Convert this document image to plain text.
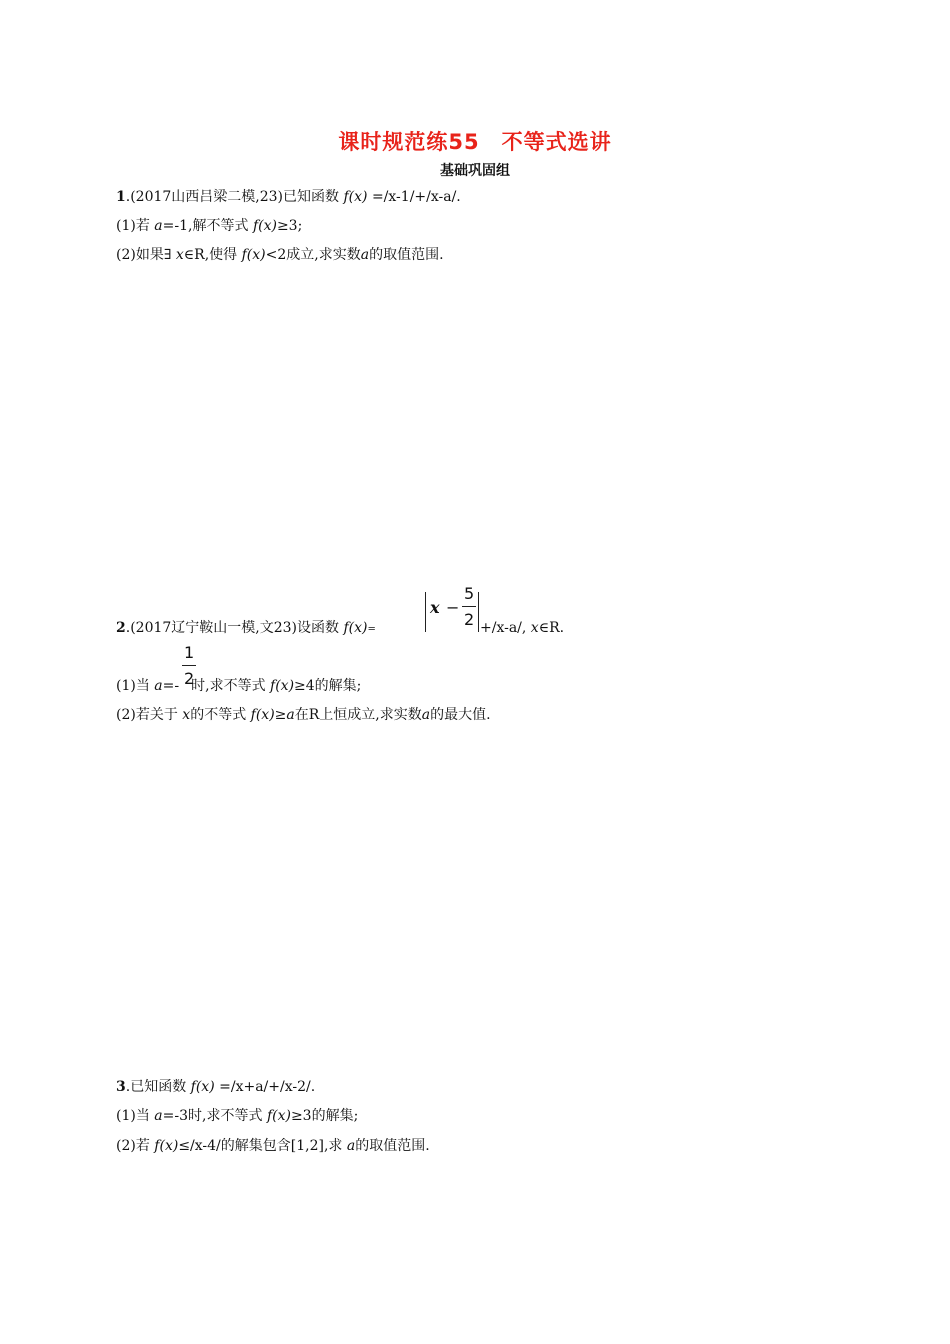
课时规范练55　不等式选讲
基础巩固组
1.(2017山西吕梁二模,23)已知函数 f(x) =/x-1/+/x-a/.
(1)若 a=-1,解不等式 f(x)≥3;
(2)如果∃ x∈R,使得 f(x)<2成立,求实数a的取值范围.
2.(2017辽宁鞍山一模,文23)设函数 f(x)=
x −
5
2 +/x-a/, x∈R.
1
2
(1)当 a=- 时,求不等式 f(x)≥4的解集;
(2)若关于 x的不等式 f(x)≥a在R上恒成立,求实数a的最大值.
3.已知函数 f(x) =/x+a/+/x-2/.
(1)当 a=-3时,求不等式 f(x)≥3的解集;
(2)若 f(x)≤/x-4/的解集包含[1,2],求 a的取值范围.
